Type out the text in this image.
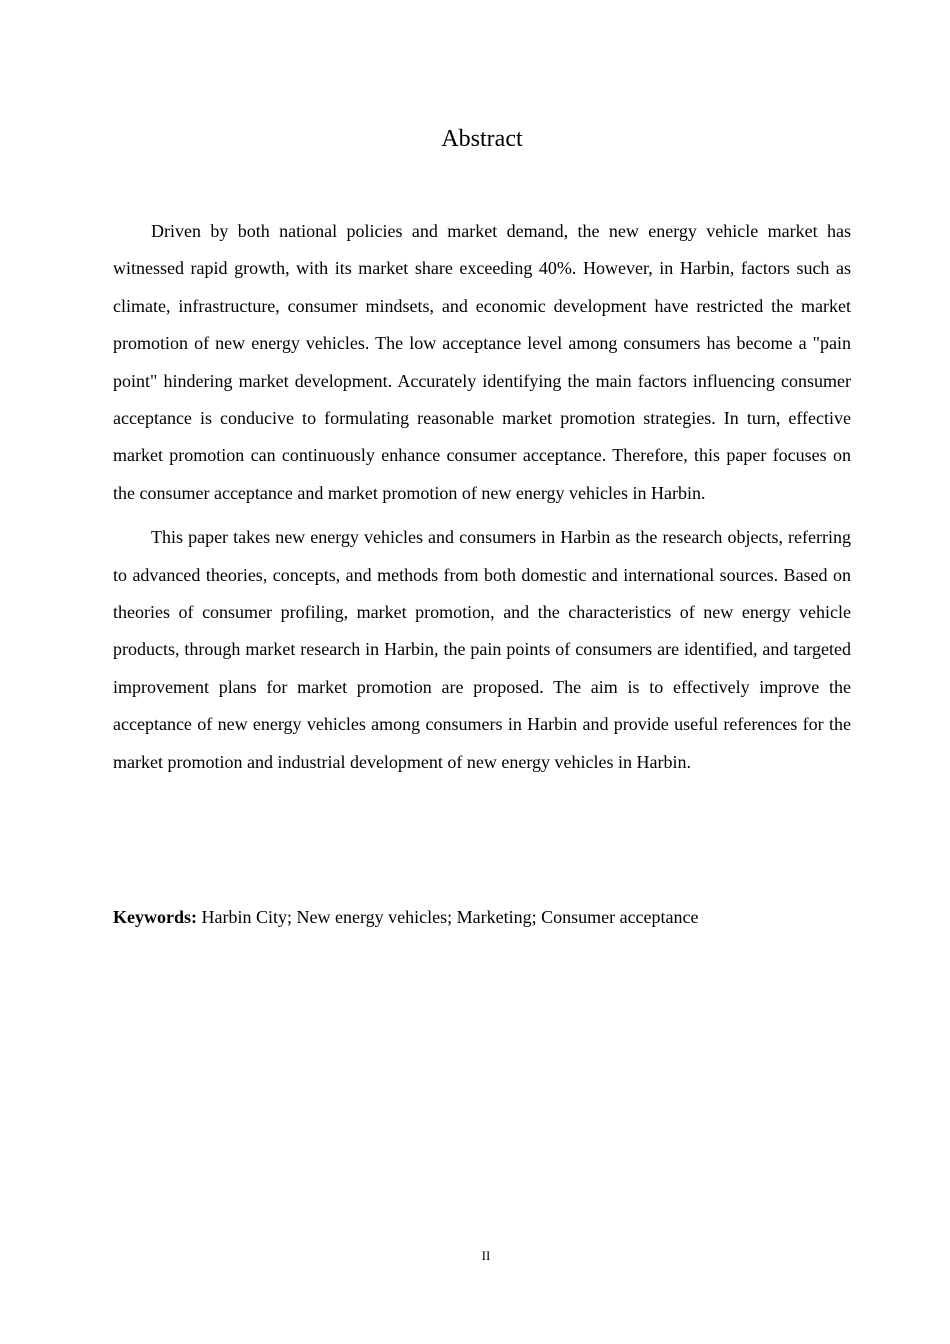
Abstract

Driven by both national policies and market demand, the new energy vehicle market has witnessed rapid growth, with its market share exceeding 40%. However, in Harbin, factors such as climate, infrastructure, consumer mindsets, and economic development have restricted the market promotion of new energy vehicles. The low acceptance level among consumers has become a "pain point" hindering market development. Accurately identifying the main factors influencing consumer acceptance is conducive to formulating reasonable market promotion strategies. In turn, effective market promotion can continuously enhance consumer acceptance. Therefore, this paper focuses on the consumer acceptance and market promotion of new energy vehicles in Harbin.

This paper takes new energy vehicles and consumers in Harbin as the research objects, referring to advanced theories, concepts, and methods from both domestic and international sources. Based on theories of consumer profiling, market promotion, and the characteristics of new energy vehicle products, through market research in Harbin, the pain points of consumers are identified, and targeted improvement plans for market promotion are proposed. The aim is to effectively improve the acceptance of new energy vehicles among consumers in Harbin and provide useful references for the market promotion and industrial development of new energy vehicles in Harbin.

Keywords: Harbin City; New energy vehicles; Marketing; Consumer acceptance

II
